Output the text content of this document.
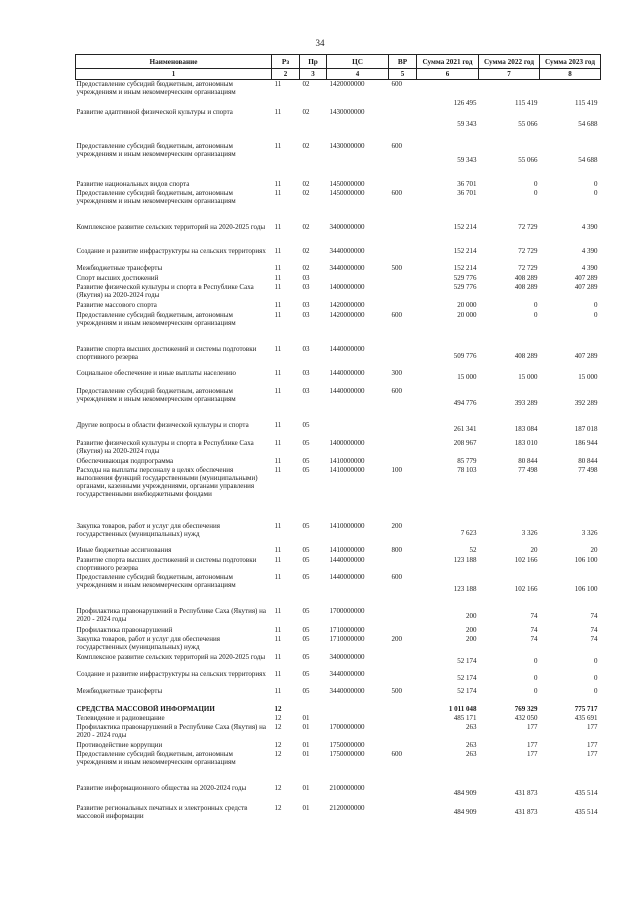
34
Наименование	Рз	Пр	ЦС	ВР	Сумма 2021 год	Сумма 2022 год	Сумма 2023 год
1	2	3	4	5	6	7	8
Предоставление субсидий бюджетным, автономным учреждениям и иным некоммерческим организациям	11	02	1420000000	600	126 495	115 419	115 419
Развитие адаптивной физической культуры и спорта	11	02	1430000000		59 343	55 066	54 688
Предоставление субсидий бюджетным, автономным учреждениям и иным некоммерческим организациям	11	02	1430000000	600	59 343	55 066	54 688
Развитие национальных видов спорта	11	02	1450000000		36 701	0	0
Предоставление субсидий бюджетным, автономным учреждениям и иным некоммерческим организациям	11	02	1450000000	600	36 701	0	0
Комплексное развитие сельских территорий на 2020-2025 годы	11	02	3400000000		152 214	72 729	4 390
Создание и развитие инфраструктуры на сельских территориях	11	02	3440000000		152 214	72 729	4 390
Межбюджетные трансферты	11	02	3440000000	500	152 214	72 729	4 390
Спорт высших достижений	11	03			529 776	408 289	407 289
Развитие физической культуры и спорта в Республике Саха (Якутия) на 2020-2024 годы	11	03	1400000000		529 776	408 289	407 289
Развитие массового спорта	11	03	1420000000		20 000	0	0
Предоставление субсидий бюджетным, автономным учреждениям и иным некоммерческим организациям	11	03	1420000000	600	20 000	0	0
Развитие спорта высших достижений и системы подготовки спортивного резерва	11	03	1440000000		509 776	408 289	407 289
Социальное обеспечение и иные выплаты населению	11	03	1440000000	300	15 000	15 000	15 000
Предоставление субсидий бюджетным, автономным учреждениям и иным некоммерческим организациям	11	03	1440000000	600	494 776	393 289	392 289
Другие вопросы в области физической культуры и спорта	11	05			261 341	183 084	187 018
Развитие физической культуры и спорта в Республике Саха (Якутия) на 2020-2024 годы	11	05	1400000000		208 967	183 010	186 944
Обеспечивающая подпрограмма	11	05	1410000000		85 779	80 844	80 844
Расходы на выплаты персоналу в целях обеспечения выполнения функций государственными (муниципальными) органами, казенными учреждениями, органами управления государственными внебюджетными фондами	11	05	1410000000	100	78 103	77 498	77 498
Закупка товаров, работ и услуг для обеспечения государственных (муниципальных) нужд	11	05	1410000000	200	7 623	3 326	3 326
Иные бюджетные ассигнования	11	05	1410000000	800	52	20	20
Развитие спорта высших достижений и системы подготовки спортивного резерва	11	05	1440000000		123 188	102 166	106 100
Предоставление субсидий бюджетным, автономным учреждениям и иным некоммерческим организациям	11	05	1440000000	600	123 188	102 166	106 100
Профилактика правонарушений в Республике Саха (Якутия) на 2020 - 2024 годы	11	05	1700000000		200	74	74
Профилактика правонарушений	11	05	1710000000		200	74	74
Закупка товаров, работ и услуг для обеспечения государственных (муниципальных) нужд	11	05	1710000000	200	200	74	74
Комплексное развитие сельских территорий на 2020-2025 годы	11	05	3400000000		52 174	0	0
Создание и развитие инфраструктуры на сельских территориях	11	05	3440000000		52 174	0	0
Межбюджетные трансферты	11	05	3440000000	500	52 174	0	0
СРЕДСТВА МАССОВОЙ ИНФОРМАЦИИ	12				1 011 048	769 329	775 717
Телевидение и радиовещание	12	01			485 171	432 050	435 691
Профилактика правонарушений в Республике Саха (Якутия) на 2020 - 2024 годы	12	01	1700000000		263	177	177
Противодействие коррупции	12	01	1750000000		263	177	177
Предоставление субсидий бюджетным, автономным учреждениям и иным некоммерческим организациям	12	01	1750000000	600	263	177	177
Развитие информационного общества на 2020-2024 годы	12	01	2100000000		484 909	431 873	435 514
Развитие региональных печатных и электронных средств массовой информации	12	01	2120000000		484 909	431 873	435 514
